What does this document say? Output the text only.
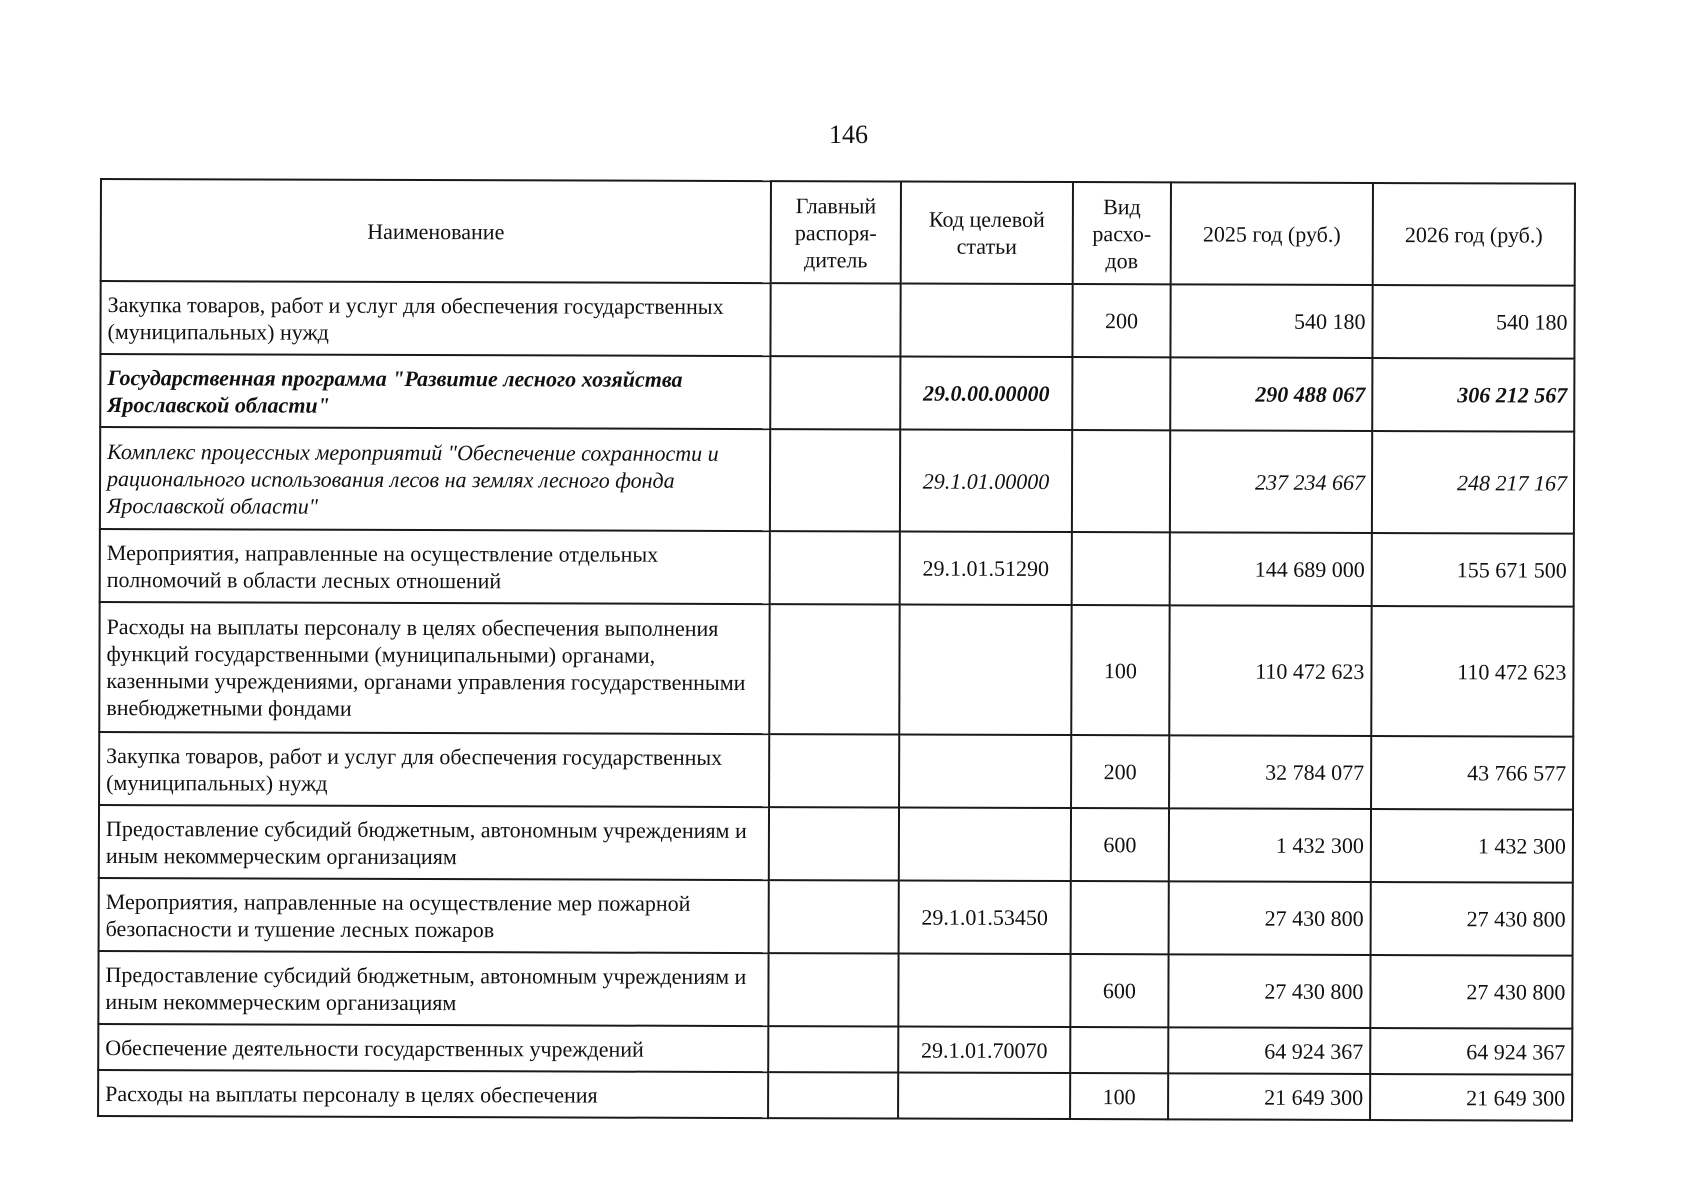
146
Наименование	Главный распоря-дитель	Код целевой статьи	Вид расхо-дов	2025 год (руб.)	2026 год (руб.)
Закупка товаров, работ и услуг для обеспечения государственных (муниципальных) нужд			200	540 180	540 180
Государственная программа "Развитие лесного хозяйства Ярославской области"		29.0.00.00000		290 488 067	306 212 567
Комплекс процессных мероприятий "Обеспечение сохранности и рационального использования лесов на землях лесного фонда Ярославской области"		29.1.01.00000		237 234 667	248 217 167
Мероприятия, направленные на осуществление отдельных полномочий в области лесных отношений		29.1.01.51290		144 689 000	155 671 500
Расходы на выплаты персоналу в целях обеспечения выполнения функций государственными (муниципальными) органами, казенными учреждениями, органами управления государственными внебюджетными фондами			100	110 472 623	110 472 623
Закупка товаров, работ и услуг для обеспечения государственных (муниципальных) нужд			200	32 784 077	43 766 577
Предоставление субсидий бюджетным, автономным учреждениям и иным некоммерческим организациям			600	1 432 300	1 432 300
Мероприятия, направленные на осуществление мер пожарной безопасности и тушение лесных пожаров		29.1.01.53450		27 430 800	27 430 800
Предоставление субсидий бюджетным, автономным учреждениям и иным некоммерческим организациям			600	27 430 800	27 430 800
Обеспечение деятельности государственных учреждений		29.1.01.70070		64 924 367	64 924 367
Расходы на выплаты персоналу в целях обеспечения			100	21 649 300	21 649 300
